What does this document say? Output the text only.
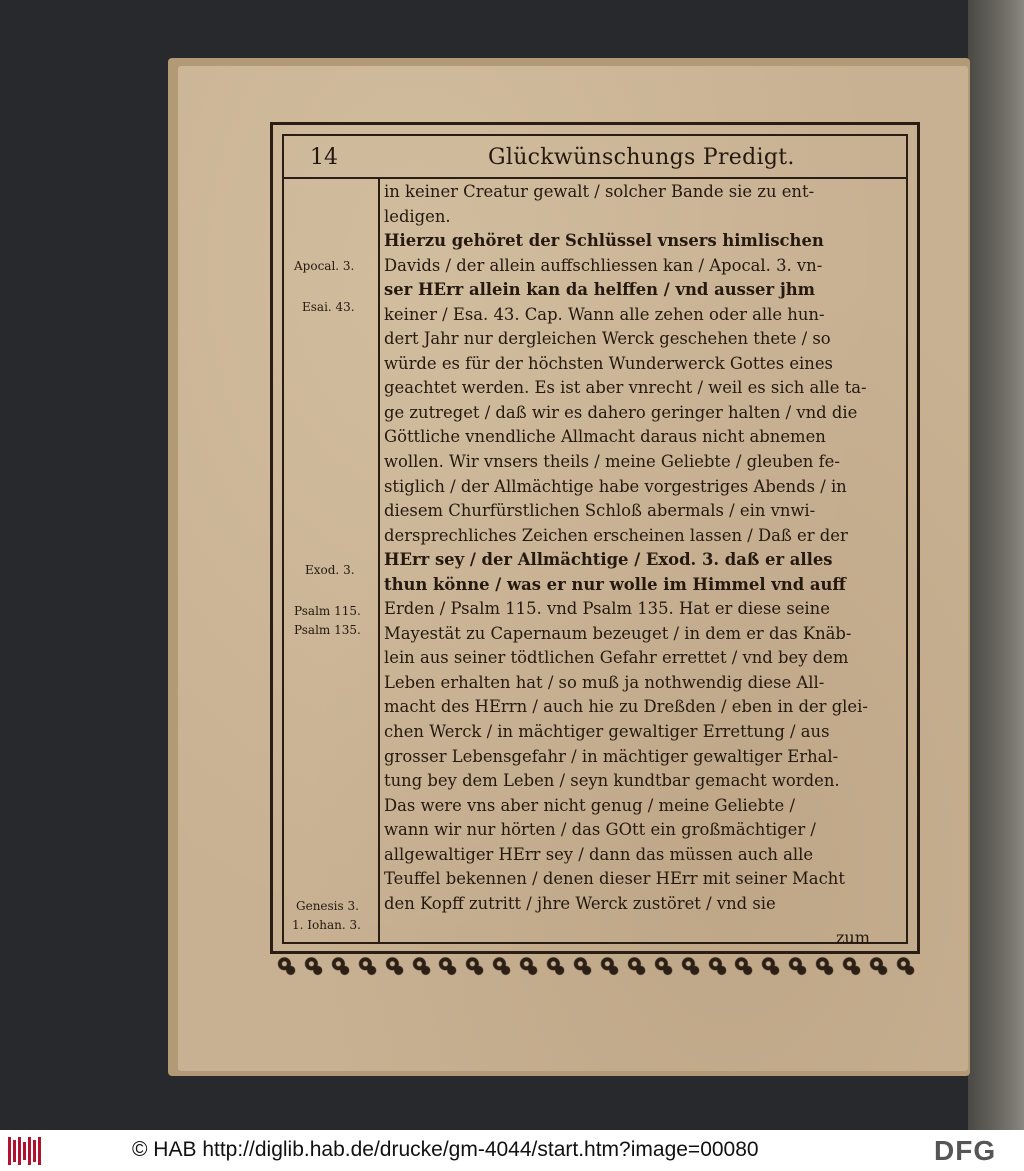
14	Glückwünschungs Predigt.
in keiner Creatur gewalt / solcher Bande sie zu ent-
ledigen.
Hierzu gehöret der Schlüssel vnsers himlischen
Davids / der allein auffschliessen kan / Apocal. 3. vn-
ser HErr allein kan da helffen / vnd ausser jhm
keiner / Esa. 43. Cap. Wann alle zehen oder alle hun-
dert Jahr nur dergleichen Werck geschehen thete / so
würde es für der höchsten Wunderwerck Gottes eines
geachtet werden. Es ist aber vnrecht / weil es sich alle ta-
ge zutreget / daß wir es dahero geringer halten / vnd die
Göttliche vnendliche Allmacht daraus nicht abnemen
wollen. Wir vnsers theils / meine Geliebte / gleuben fe-
stiglich / der Allmächtige habe vorgestriges Abends / in
diesem Churfürstlichen Schloß abermals / ein vnwi-
dersprechliches Zeichen erscheinen lassen / Daß er der
HErr sey / der Allmächtige / Exod. 3. daß er alles
thun könne / was er nur wolle im Himmel vnd auff
Erden / Psalm 115. vnd Psalm 135. Hat er diese seine
Mayestät zu Capernaum bezeuget / in dem er das Knäb-
lein aus seiner tödtlichen Gefahr errettet / vnd bey dem
Leben erhalten hat / so muß ja nothwendig diese All-
macht des HErrn / auch hie zu Dreßden / eben in der glei-
chen Werck / in mächtiger gewaltiger Errettung / aus
grosser Lebensgefahr / in mächtiger gewaltiger Erhal-
tung bey dem Leben / seyn kundtbar gemacht worden.
Das were vns aber nicht genug / meine Geliebte /
wann wir nur hörten / das GOtt ein großmächtiger /
allgewaltiger HErr sey / dann das müssen auch alle
Teuffel bekennen / denen dieser HErr mit seiner Macht
den Kopff zutritt / jhre Werck zustöret / vnd sie
zum
Apocal. 3.
Esai. 43.
Exod. 3.
Psalm 115.
Psalm 135.
Genesis 3.
1. Iohan. 3.
© HAB http://diglib.hab.de/drucke/gm-4044/start.htm?image=00080	DFG
